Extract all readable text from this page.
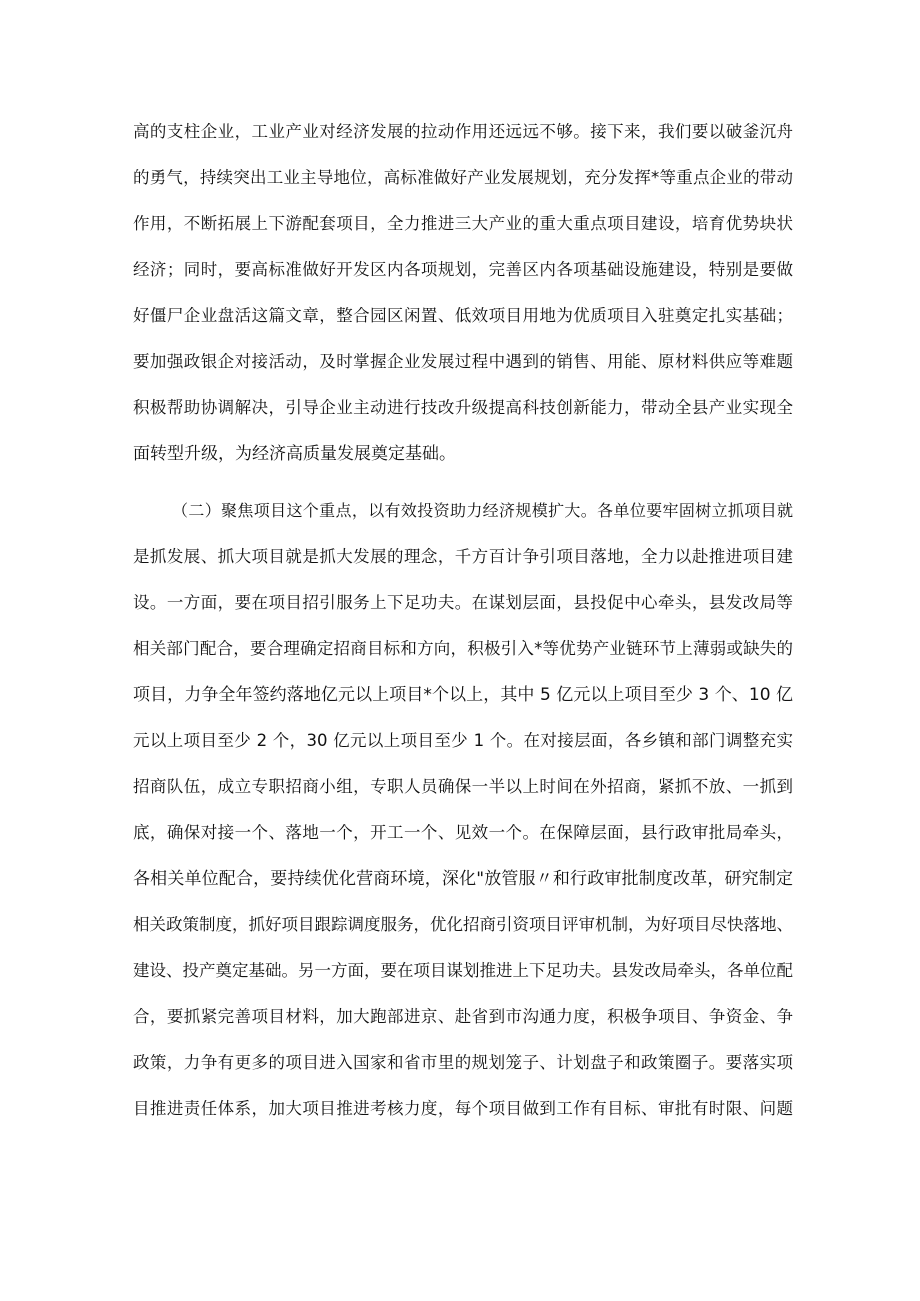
高的支柱企业，工业产业对经济发展的拉动作用还远远不够。接下来，我们要以破釜沉舟
的勇气，持续突出工业主导地位，高标准做好产业发展规划，充分发挥*等重点企业的带动
作用，不断拓展上下游配套项目，全力推进三大产业的重大重点项目建设，培育优势块状
经济；同时，要高标准做好开发区内各项规划，完善区内各项基础设施建设，特别是要做
好僵尸企业盘活这篇文章，整合园区闲置、低效项目用地为优质项目入驻奠定扎实基础；
要加强政银企对接活动，及时掌握企业发展过程中遇到的销售、用能、原材料供应等难题
积极帮助协调解决，引导企业主动进行技改升级提高科技创新能力，带动全县产业实现全
面转型升级，为经济高质量发展奠定基础。
（二）聚焦项目这个重点，以有效投资助力经济规模扩大。各单位要牢固树立抓项目就
是抓发展、抓大项目就是抓大发展的理念，千方百计争引项目落地，全力以赴推进项目建
设。一方面，要在项目招引服务上下足功夫。在谋划层面，县投促中心牵头，县发改局等
相关部门配合，要合理确定招商目标和方向，积极引入*等优势产业链环节上薄弱或缺失的
项目，力争全年签约落地亿元以上项目*个以上，其中 5 亿元以上项目至少 3 个、10 亿
元以上项目至少 2 个，30 亿元以上项目至少 1 个。在对接层面，各乡镇和部门调整充实
招商队伍，成立专职招商小组，专职人员确保一半以上时间在外招商，紧抓不放、一抓到
底，确保对接一个、落地一个，开工一个、见效一个。在保障层面，县行政审批局牵头，
各相关单位配合，要持续优化营商环境，深化"放管服〃和行政审批制度改革，研究制定
相关政策制度，抓好项目跟踪调度服务，优化招商引资项目评审机制，为好项目尽快落地、
建设、投产奠定基础。另一方面，要在项目谋划推进上下足功夫。县发改局牵头，各单位配
合，要抓紧完善项目材料，加大跑部进京、赴省到市沟通力度，积极争项目、争资金、争
政策，力争有更多的项目进入国家和省市里的规划笼子、计划盘子和政策圈子。要落实项
目推进责任体系，加大项目推进考核力度，每个项目做到工作有目标、审批有时限、问题
